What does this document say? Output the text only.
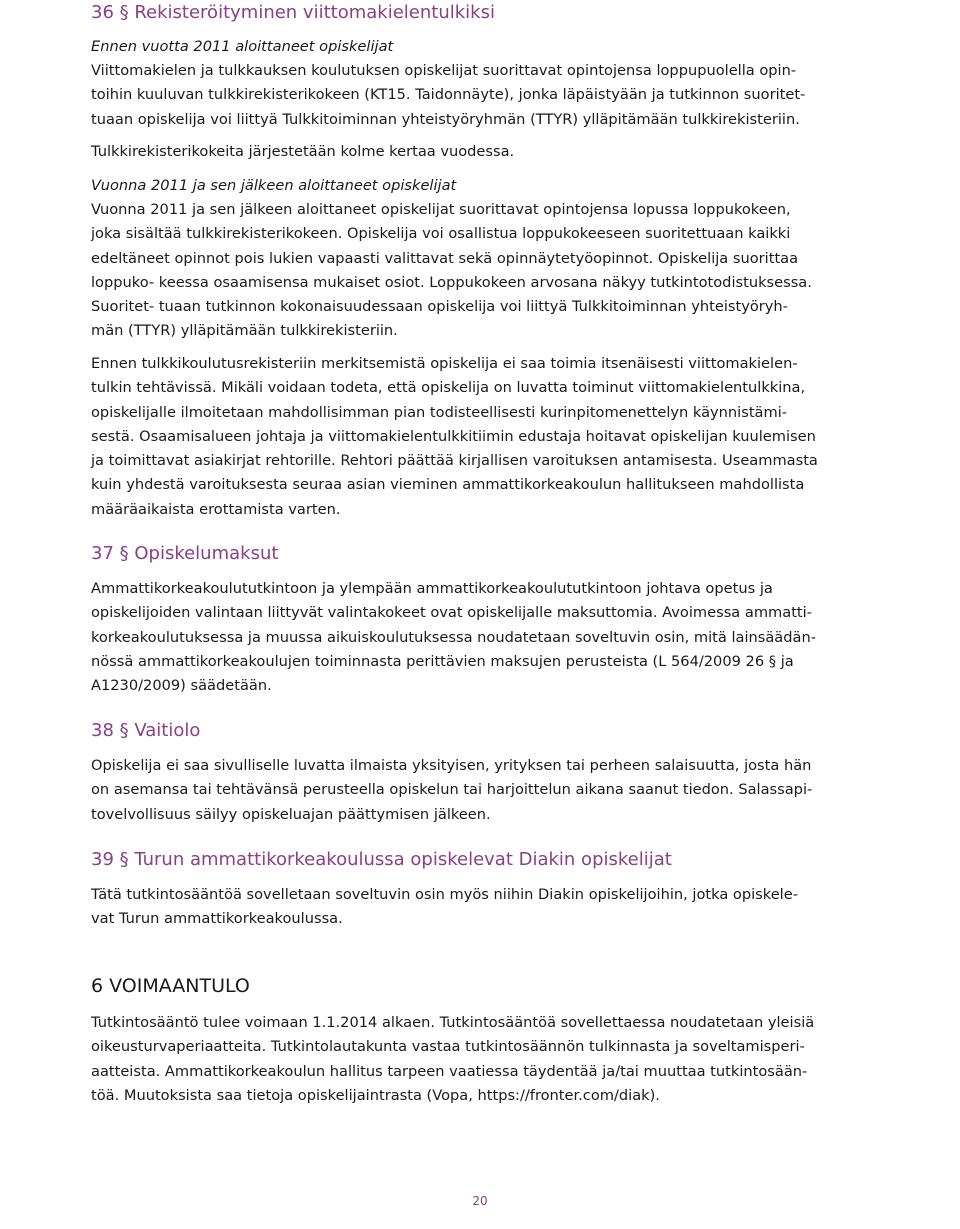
36 § Rekisteröityminen viittomakielentulkiksi

Ennen vuotta 2011 aloittaneet opiskelijat

Viittomakielen ja tulkkauksen koulutuksen opiskelijat suorittavat opintojensa loppupuolella opin-
toihin kuuluvan tulkkirekisterikokeen (KT15. Taidonnäyte), jonka läpäistyään ja tutkinnon suoritet-
tuaan opiskelija voi liittyä Tulkkitoiminnan yhteistyöryhmän (TTYR) ylläpitämään tulkkirekisteriin.

Tulkkirekisterikokeita järjestetään kolme kertaa vuodessa.

Vuonna 2011 ja sen jälkeen aloittaneet opiskelijat

Vuonna 2011 ja sen jälkeen aloittaneet opiskelijat suorittavat opintojensa lopussa loppukokeen,
joka sisältää tulkkirekisterikokeen. Opiskelija voi osallistua loppukokeeseen suoritettuaan kaikki
edeltäneet opinnot pois lukien vapaasti valittavat sekä opinnäytetyöopinnot. Opiskelija suorittaa
loppuko- keessa osaamisensa mukaiset osiot. Loppukokeen arvosana näkyy tutkintotodistuksessa.
Suoritet- tuaan tutkinnon kokonaisuudessaan opiskelija voi liittyä Tulkkitoiminnan yhteistyöryh-
män (TTYR) ylläpitämään tulkkirekisteriin.

Ennen tulkkikoulutusrekisteriin merkitsemistä opiskelija ei saa toimia itsenäisesti viittomakielen-
tulkin tehtävissä. Mikäli voidaan todeta, että opiskelija on luvatta toiminut viittomakielentulkkina,
opiskelijalle ilmoitetaan mahdollisimman pian todisteellisesti kurinpitomenettelyn käynnistämi-
sestä. Osaamisalueen johtaja ja viittomakielentulkkitiimin edustaja hoitavat opiskelijan kuulemisen
ja toimittavat asiakirjat rehtorille. Rehtori päättää kirjallisen varoituksen antamisesta. Useammasta
kuin yhdestä varoituksesta seuraa asian vieminen ammattikorkeakoulun hallitukseen mahdollista
määräaikaista erottamista varten.

37 § Opiskelumaksut

Ammattikorkeakoulututkintoon ja ylempään ammattikorkeakoulututkintoon johtava opetus ja
opiskelijoiden valintaan liittyvät valintakokeet ovat opiskelijalle maksuttomia. Avoimessa ammatti-
korkeakoulutuksessa ja muussa aikuiskoulutuksessa noudatetaan soveltuvin osin, mitä lainsäädän-
nössä ammattikorkeakoulujen toiminnasta perittävien maksujen perusteista (L 564/2009 26 § ja
A1230/2009) säädetään.

38 § Vaitiolo

Opiskelija ei saa sivulliselle luvatta ilmaista yksityisen, yrityksen tai perheen salaisuutta, josta hän
on asemansa tai tehtävänsä perusteella opiskelun tai harjoittelun aikana saanut tiedon. Salassapi-
tovelvollisuus säilyy opiskeluajan päättymisen jälkeen.

39 § Turun ammattikorkeakoulussa opiskelevat Diakin opiskelijat

Tätä tutkintosääntöä sovelletaan soveltuvin osin myös niihin Diakin opiskelijoihin, jotka opiskele-
vat Turun ammattikorkeakoulussa.

6 VOIMAANTULO

Tutkintosääntö tulee voimaan 1.1.2014 alkaen. Tutkintosääntöä sovellettaessa noudatetaan yleisiä
oikeusturvaperiaatteita. Tutkintolautakunta vastaa tutkintosäännön tulkinnasta ja soveltamisperi-
aatteista. Ammattikorkeakoulun hallitus tarpeen vaatiessa täydentää ja/tai muuttaa tutkintosään-
töä. Muutoksista saa tietoja opiskelijaintrasta (Vopa, https://fronter.com/diak).

20
